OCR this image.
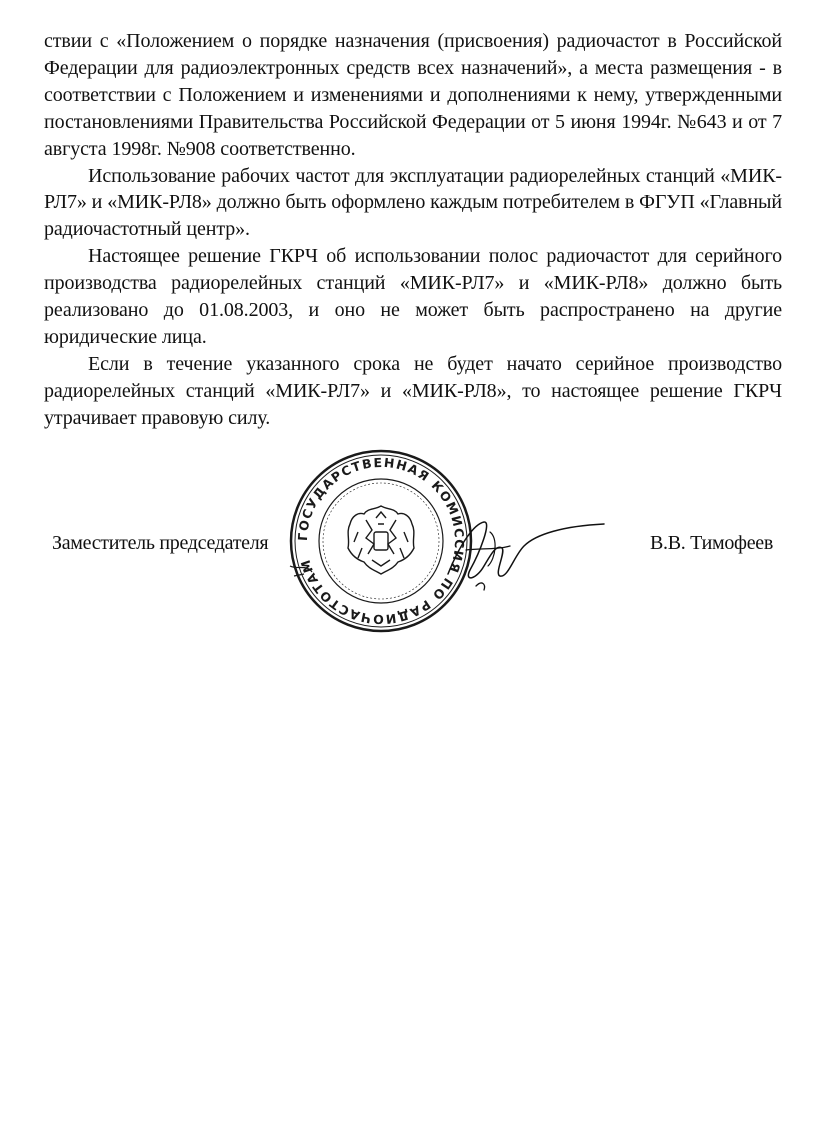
ствии с «Положением о порядке назначения (присвоения) радиочастот в Российской Федерации для радиоэлектронных средств всех назначений», а места размещения - в соответствии с Положением и изменениями и дополнениями к нему, утвержденными постановлениями Правительства Российской Федерации от 5 июня 1994г. №643 и от 7 августа 1998г. №908 соответственно.

Использование рабочих частот для эксплуатации радиорелейных станций «МИК-РЛ7» и «МИК-РЛ8» должно быть оформлено каждым потребителем в ФГУП «Главный радиочастотный центр».

Настоящее решение ГКРЧ об использовании полос радиочастот для серийного производства радиорелейных станций «МИК-РЛ7» и «МИК-РЛ8» должно быть реализовано до 01.08.2003, и оно не может быть распространено на другие юридические лица.

Если в течение указанного срока не будет начато серийное производство радиорелейных станций «МИК-РЛ7» и «МИК-РЛ8», то настоящее решение ГКРЧ утрачивает правовую силу.

Заместитель председателя ГОСУДАРСТВЕННАЯ КОМИССИЯ ПО РАДИОЧАСТОТАМ
В.В. Тимофеев
